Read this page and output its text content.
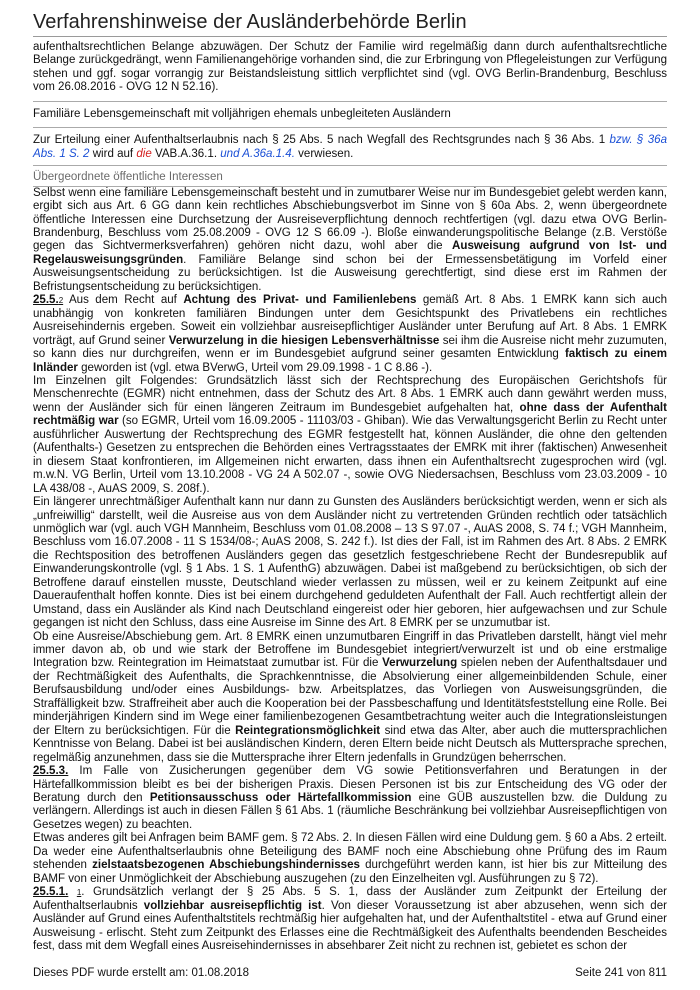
Verfahrenshinweise der Ausländerbehörde Berlin

aufenthaltsrechtlichen Belange abzuwägen. Der Schutz der Familie wird regelmäßig dann durch aufenthaltsrechtliche Belange zurückgedrängt, wenn Familienangehörige vorhanden sind, die zur Erbringung von Pflegeleistungen zur Verfügung stehen und ggf. sogar vorrangig zur Beistandsleistung sittlich verpflichtet sind (vgl. OVG Berlin-Brandenburg, Beschluss vom 26.08.2016 - OVG 12 N 52.16).

Familiäre Lebensgemeinschaft mit volljährigen ehemals unbegleiteten Ausländern

Zur Erteilung einer Aufenthaltserlaubnis nach § 25 Abs. 5 nach Wegfall des Rechtsgrundes nach § 36 Abs. 1 bzw. § 36a Abs. 1 S. 2 wird auf die VAB.A.36.1. und A.36a.1.4. verwiesen.

Übergeordnete öffentliche Interessen

Selbst wenn eine familiäre Lebensgemeinschaft besteht und in zumutbarer Weise nur im Bundesgebiet gelebt werden kann, ergibt sich aus Art. 6 GG dann kein rechtliches Abschiebungsverbot im Sinne von § 60a Abs. 2, wenn übergeordnete öffentliche Interessen eine Durchsetzung der Ausreiseverpflichtung dennoch rechtfertigen (vgl. dazu etwa OVG Berlin-Brandenburg, Beschluss vom 25.08.2009 - OVG 12 S 66.09 -). Bloße einwanderungspolitische Belange (z.B. Verstöße gegen das Sichtvermerksverfahren) gehören nicht dazu, wohl aber die Ausweisung aufgrund von Ist- und Regelausweisungsgründen. Familiäre Belange sind schon bei der Ermessensbetätigung im Vorfeld einer Ausweisungsentscheidung zu berücksichtigen. Ist die Ausweisung gerechtfertigt, sind diese erst im Rahmen der Befristungsentscheidung zu berücksichtigen.

25.5.2 Aus dem Recht auf Achtung des Privat- und Familienlebens gemäß Art. 8 Abs. 1 EMRK kann sich auch unabhängig von konkreten familiären Bindungen unter dem Gesichtspunkt des Privatlebens ein rechtliches Ausreisehindernis ergeben. Soweit ein vollziehbar ausreisepflichtiger Ausländer unter Berufung auf Art. 8 Abs. 1 EMRK vorträgt, auf Grund seiner Verwurzelung in die hiesigen Lebensverhältnisse sei ihm die Ausreise nicht mehr zuzumuten, so kann dies nur durchgreifen, wenn er im Bundesgebiet aufgrund seiner gesamten Entwicklung faktisch zu einem Inländer geworden ist (vgl. etwa BVerwG, Urteil vom 29.09.1998 - 1 C 8.86 -).

Im Einzelnen gilt Folgendes: Grundsätzlich lässt sich der Rechtsprechung des Europäischen Gerichtshofs für Menschenrechte (EGMR) nicht entnehmen, dass der Schutz des Art. 8 Abs. 1 EMRK auch dann gewährt werden muss, wenn der Ausländer sich für einen längeren Zeitraum im Bundesgebiet aufgehalten hat, ohne dass der Aufenthalt rechtmäßig war (so EGMR, Urteil vom 16.09.2005 - 11103/03 - Ghiban). Wie das Verwaltungsgericht Berlin zu Recht unter ausführlicher Auswertung der Rechtsprechung des EGMR festgestellt hat, können Ausländer, die ohne den geltenden (Aufenthalts-) Gesetzen zu entsprechen die Behörden eines Vertragsstaates der EMRK mit ihrer (faktischen) Anwesenheit in diesem Staat konfrontieren, im Allgemeinen nicht erwarten, dass ihnen ein Aufenthaltsrecht zugesprochen wird (vgl. m.w.N. VG Berlin, Urteil vom 13.10.2008 - VG 24 A 502.07 -, sowie OVG Niedersachsen, Beschluss vom 23.03.2009 - 10 LA 438/08 -, AuAS 2009, S. 208f.).

Ein längerer unrechtmäßiger Aufenthalt kann nur dann zu Gunsten des Ausländers berücksichtigt werden, wenn er sich als „unfreiwillig“ darstellt, weil die Ausreise aus von dem Ausländer nicht zu vertretenden Gründen rechtlich oder tatsächlich unmöglich war (vgl. auch VGH Mannheim, Beschluss vom 01.08.2008 – 13 S 97.07 -, AuAS 2008, S. 74 f.; VGH Mannheim, Beschluss vom 16.07.2008 - 11 S 1534/08-; AuAS 2008, S. 242 f.). Ist dies der Fall, ist im Rahmen des Art. 8 Abs. 2 EMRK die Rechtsposition des betroffenen Ausländers gegen das gesetzlich festgeschriebene Recht der Bundesrepublik auf Einwanderungskontrolle (vgl. § 1 Abs. 1 S. 1 AufenthG) abzuwägen. Dabei ist maßgebend zu berücksichtigen, ob sich der Betroffene darauf einstellen musste, Deutschland wieder verlassen zu müssen, weil er zu keinem Zeitpunkt auf eine Daueraufenthalt hoffen konnte. Dies ist bei einem durchgehend geduldeten Aufenthalt der Fall. Auch rechtfertigt allein der Umstand, dass ein Ausländer als Kind nach Deutschland eingereist oder hier geboren, hier aufgewachsen und zur Schule gegangen ist nicht den Schluss, dass eine Ausreise im Sinne des Art. 8 EMRK per se unzumutbar ist.

Ob eine Ausreise/Abschiebung gem. Art. 8 EMRK einen unzumutbaren Eingriff in das Privatleben darstellt, hängt viel mehr immer davon ab, ob und wie stark der Betroffene im Bundesgebiet integriert/verwurzelt ist und ob eine erstmalige Integration bzw. Reintegration im Heimatstaat zumutbar ist. Für die Verwurzelung spielen neben der Aufenthaltsdauer und der Rechtmäßigkeit des Aufenthalts, die Sprachkenntnisse, die Absolvierung einer allgemeinbildenden Schule, einer Berufsausbildung und/oder eines Ausbildungs- bzw. Arbeitsplatzes, das Vorliegen von Ausweisungsgründen, die Straffälligkeit bzw. Straffreiheit aber auch die Kooperation bei der Passbeschaffung und Identitätsfeststellung eine Rolle. Bei minderjährigen Kindern sind im Wege einer familienbezogenen Gesamtbetrachtung weiter auch die Integrationsleistungen der Eltern zu berücksichtigen. Für die Reintegrationsmöglichkeit sind etwa das Alter, aber auch die muttersprachlichen Kenntnisse von Belang. Dabei ist bei ausländischen Kindern, deren Eltern beide nicht Deutsch als Muttersprache sprechen, regelmäßig anzunehmen, dass sie die Muttersprache ihrer Eltern jedenfalls in Grundzügen beherrschen.

25.5.3. Im Falle von Zusicherungen gegenüber dem VG sowie Petitionsverfahren und Beratungen in der Härtefallkommission bleibt es bei der bisherigen Praxis. Diesen Personen ist bis zur Entscheidung des VG oder der Beratung durch den Petitionsausschuss oder Härtefallkommission eine GÜB auszustellen bzw. die Duldung zu verlängern. Allerdings ist auch in diesen Fällen § 61 Abs. 1 (räumliche Beschränkung bei vollziehbar Ausreisepflichtigen von Gesetzes wegen) zu beachten.

Etwas anderes gilt bei Anfragen beim BAMF gem. § 72 Abs. 2. In diesen Fällen wird eine Duldung gem. § 60 a Abs. 2 erteilt. Da weder eine Aufenthaltserlaubnis ohne Beteiligung des BAMF noch eine Abschiebung ohne Prüfung des im Raum stehenden zielstaatsbezogenen Abschiebungshindernisses durchgeführt werden kann, ist hier bis zur Mitteilung des BAMF von einer Unmöglichkeit der Abschiebung auszugehen (zu den Einzelheiten vgl. Ausführungen zu § 72).

25.5.1. 1. Grundsätzlich verlangt der § 25 Abs. 5 S. 1, dass der Ausländer zum Zeitpunkt der Erteilung der Aufenthaltserlaubnis vollziehbar ausreisepflichtig ist. Von dieser Voraussetzung ist aber abzusehen, wenn sich der Ausländer auf Grund eines Aufenthaltstitels rechtmäßig hier aufgehalten hat, und der Aufenthaltstitel - etwa auf Grund einer Ausweisung - erlischt. Steht zum Zeitpunkt des Erlasses eine die Rechtmäßigkeit des Aufenthalts beendenden Bescheides fest, dass mit dem Wegfall eines Ausreisehindernisses in absehbarer Zeit nicht zu rechnen ist, gebietet es schon der

Dieses PDF wurde erstellt am: 01.08.2018	Seite 241 von 811
